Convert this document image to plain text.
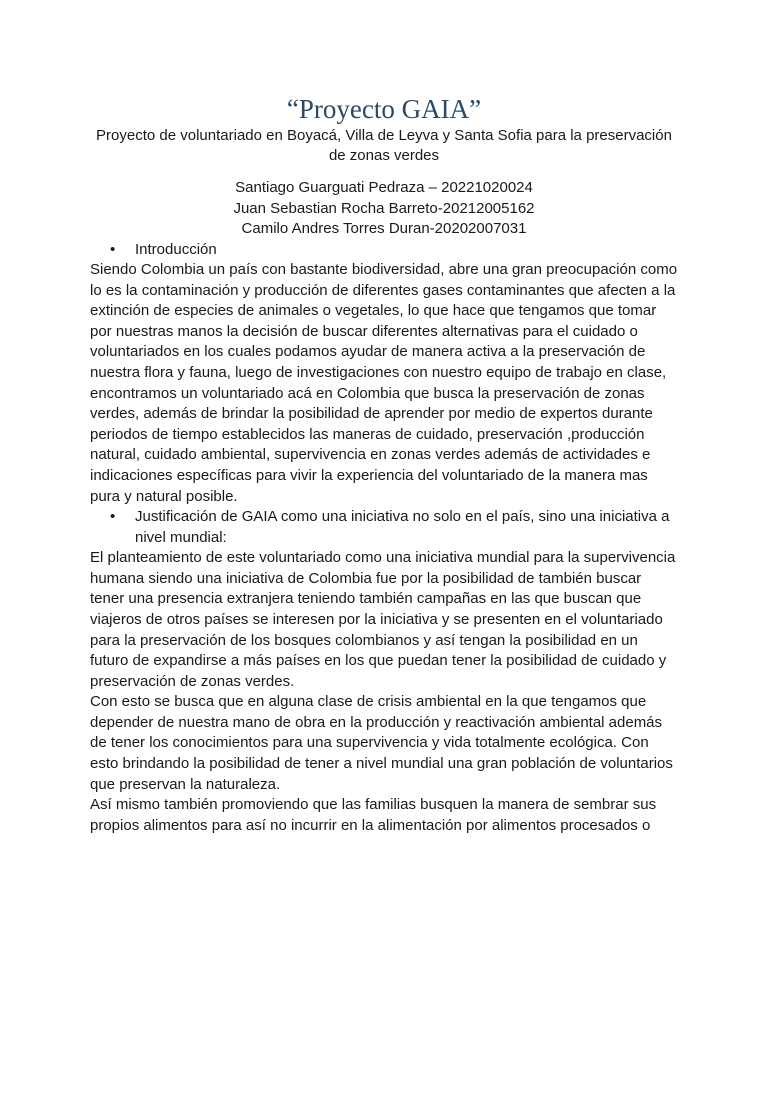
“Proyecto GAIA”
Proyecto de voluntariado en Boyacá, Villa de Leyva y Santa Sofia para la preservación de zonas verdes
Santiago Guarguati Pedraza – 20221020024
Juan Sebastian Rocha Barreto-20212005162
Camilo Andres Torres Duran-20202007031
• Introducción

Siendo Colombia un país con bastante biodiversidad, abre una gran preocupación como lo es la contaminación y producción de diferentes gases contaminantes que afecten a la extinción de especies de animales o vegetales, lo que hace que tengamos que tomar por nuestras manos la decisión de buscar diferentes alternativas para el cuidado o voluntariados en los cuales podamos ayudar de manera activa a la preservación de nuestra flora y fauna, luego de investigaciones con nuestro equipo de trabajo en clase, encontramos un voluntariado acá en Colombia que busca la preservación de zonas verdes, además de brindar la posibilidad de aprender por medio de expertos durante periodos de tiempo establecidos las maneras de cuidado, preservación ,producción natural, cuidado ambiental, supervivencia en zonas verdes además de actividades e indicaciones específicas para vivir la experiencia del voluntariado de la manera mas pura y natural posible.

• Justificación de GAIA como una iniciativa no solo en el país, sino una iniciativa a nivel mundial:

El planteamiento de este voluntariado como una iniciativa mundial para la supervivencia humana siendo una iniciativa de Colombia fue por la posibilidad de también buscar tener una presencia extranjera teniendo también campañas en las que buscan que viajeros de otros países se interesen por la iniciativa y se presenten en el voluntariado para la preservación de los bosques colombianos y así tengan la posibilidad en un futuro de expandirse a más países en los que puedan tener la posibilidad de cuidado y preservación de zonas verdes.

Con esto se busca que en alguna clase de crisis ambiental en la que tengamos que depender de nuestra mano de obra en la producción y reactivación ambiental además de tener los conocimientos para una supervivencia y vida totalmente ecológica. Con esto brindando la posibilidad de tener a nivel mundial una gran población de voluntarios que preservan la naturaleza.

Así mismo también promoviendo que las familias busquen la manera de sembrar sus propios alimentos para así no incurrir en la alimentación por alimentos procesados o
